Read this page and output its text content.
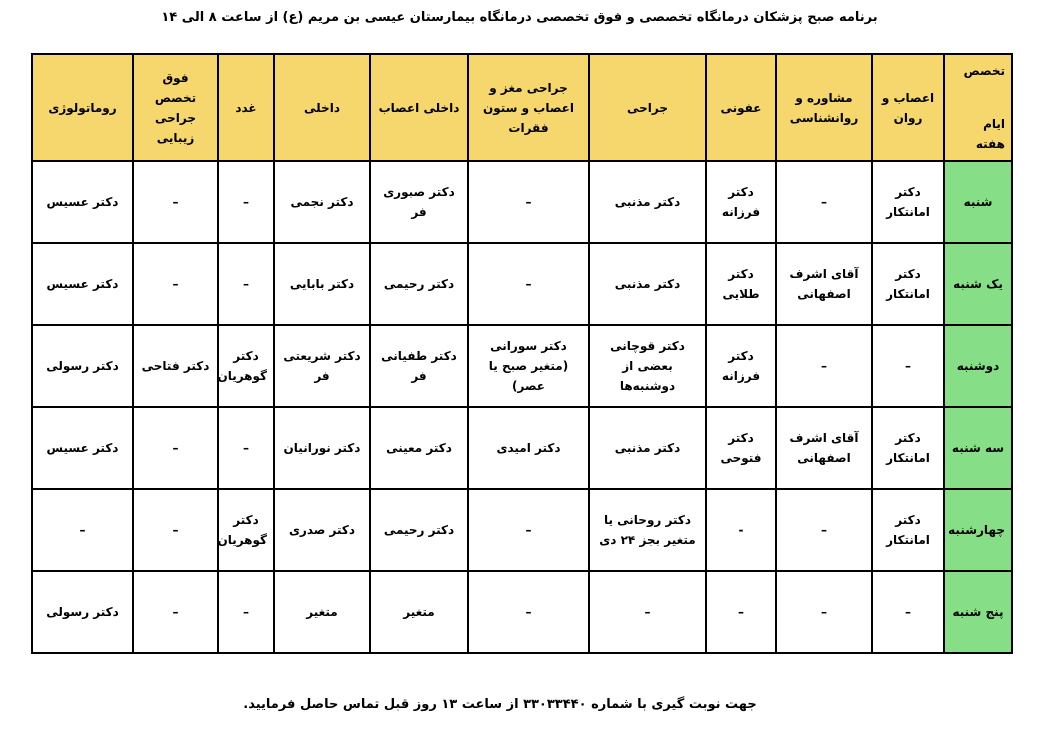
برنامه صبح پزشکان درمانگاه تخصصی و فوق تخصصی درمانگاه بیمارستان عیسی بن مریم (ع) از ساعت ۸ الی ۱۴
تخصص
ایام هفته	اعصاب و روان	مشاوره و روانشناسی	عفونی	جراحی	جراحی مغز و اعصاب و ستون فقرات	داخلی اعصاب	داخلی	غدد	فوق تخصص جراحی زیبایی	روماتولوژی
شنبه	دکتر امانتکار	–	دکتر فرزانه	دکتر مذنبی	–	دکتر صبوری فر	دکتر نجمی	–	–	دکتر عسیس
یک شنبه	دکتر امانتکار	آقای اشرف اصفهانی	دکتر طلایی	دکتر مذنبی	–	دکتر رحیمی	دکتر بابایی	–	–	دکتر عسیس
دوشنبه	–	–	دکتر فرزانه	دکتر قوچانی بعضی از دوشنبه‌ها	دکتر سورانی (متغیر صبح یا عصر)	دکتر طفیانی فر	دکتر شریعتی فر	دکتر گوهریان	دکتر فتاحی	دکتر رسولی
سه شنبه	دکتر امانتکار	آقای اشرف اصفهانی	دکتر فتوحی	دکتر مذنبی	دکتر امیدی	دکتر معینی	دکتر نورانیان	–	–	دکتر عسیس
چهارشنبه	دکتر امانتکار	–	-	دکتر روحانی یا متغیر بجز ۲۴ دی	–	دکتر رحیمی	دکتر صدری	دکتر گوهریان	–	–
پنج شنبه	–	–	–	–	–	متغیر	متغیر	–	–	دکتر رسولی
جهت نوبت گیری با شماره ۳۳۰۳۳۴۴۰ از ساعت ۱۳ روز قبل تماس حاصل فرمایید.
